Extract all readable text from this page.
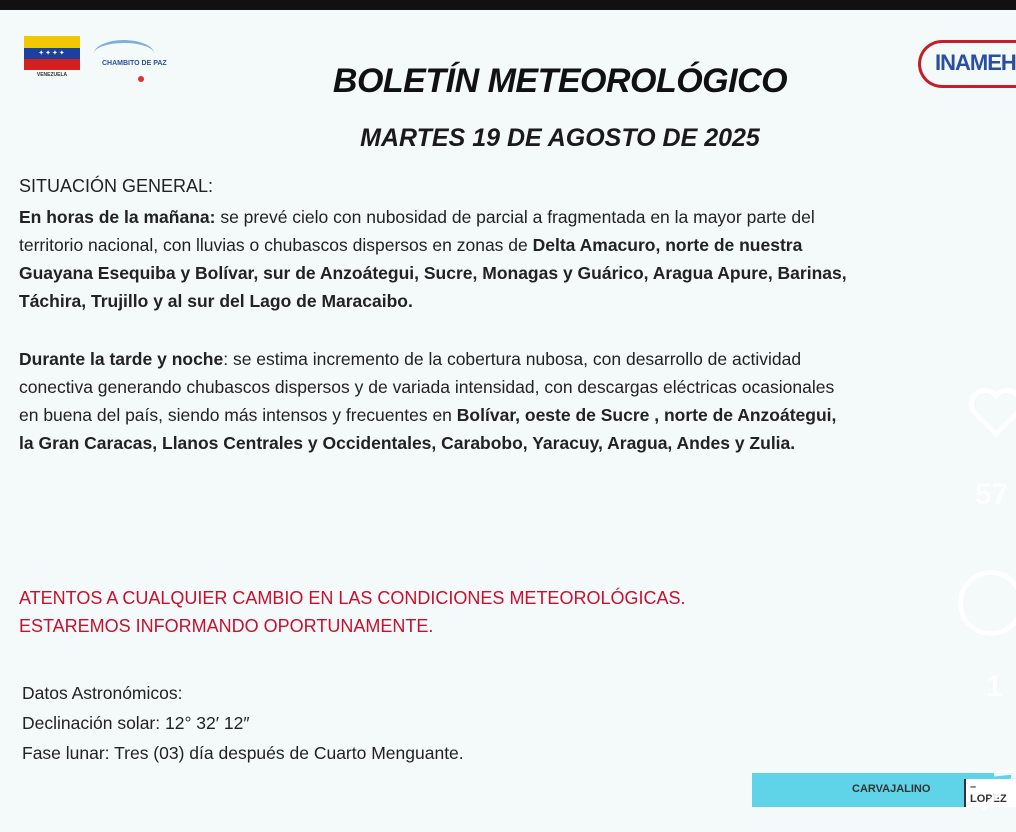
✦✦✦✦
VENEZUELA
CHAMBITO DE PAZ	INAMEH
BOLETÍN METEOROLÓGICO
MARTES 19 DE AGOSTO DE 2025
SITUACIÓN GENERAL:
En horas de la mañana: se prevé cielo con nubosidad de parcial a fragmentada en la mayor parte del
territorio nacional, con lluvias o chubascos dispersos en zonas de Delta Amacuro, norte de nuestra
Guayana Esequiba y Bolívar, sur de Anzoátegui, Sucre, Monagas y Guárico, Aragua Apure, Barinas,
Táchira, Trujillo y al sur del Lago de Maracaibo.
Durante la tarde y noche: se estima incremento de la cobertura nubosa, con desarrollo de actividad
conectiva generando chubascos dispersos y de variada intensidad, con descargas eléctricas ocasionales
en buena del país, siendo más intensos y frecuentes en Bolívar, oeste de Sucre , norte de Anzoátegui,
la Gran Caracas, Llanos Centrales y Occidentales, Carabobo, Yaracuy, Aragua, Andes y Zulia.
ATENTOS A CUALQUIER CAMBIO EN LAS CONDICIONES METEOROLÓGICAS.
ESTAREMOS INFORMANDO OPORTUNAMENTE.
Datos Astronómicos:
Declinación solar: 12° 32′ 12″
Fase lunar: Tres (03) día después de Cuarto Menguante.
CARVAJALINO	– LOPEZ
57
1
